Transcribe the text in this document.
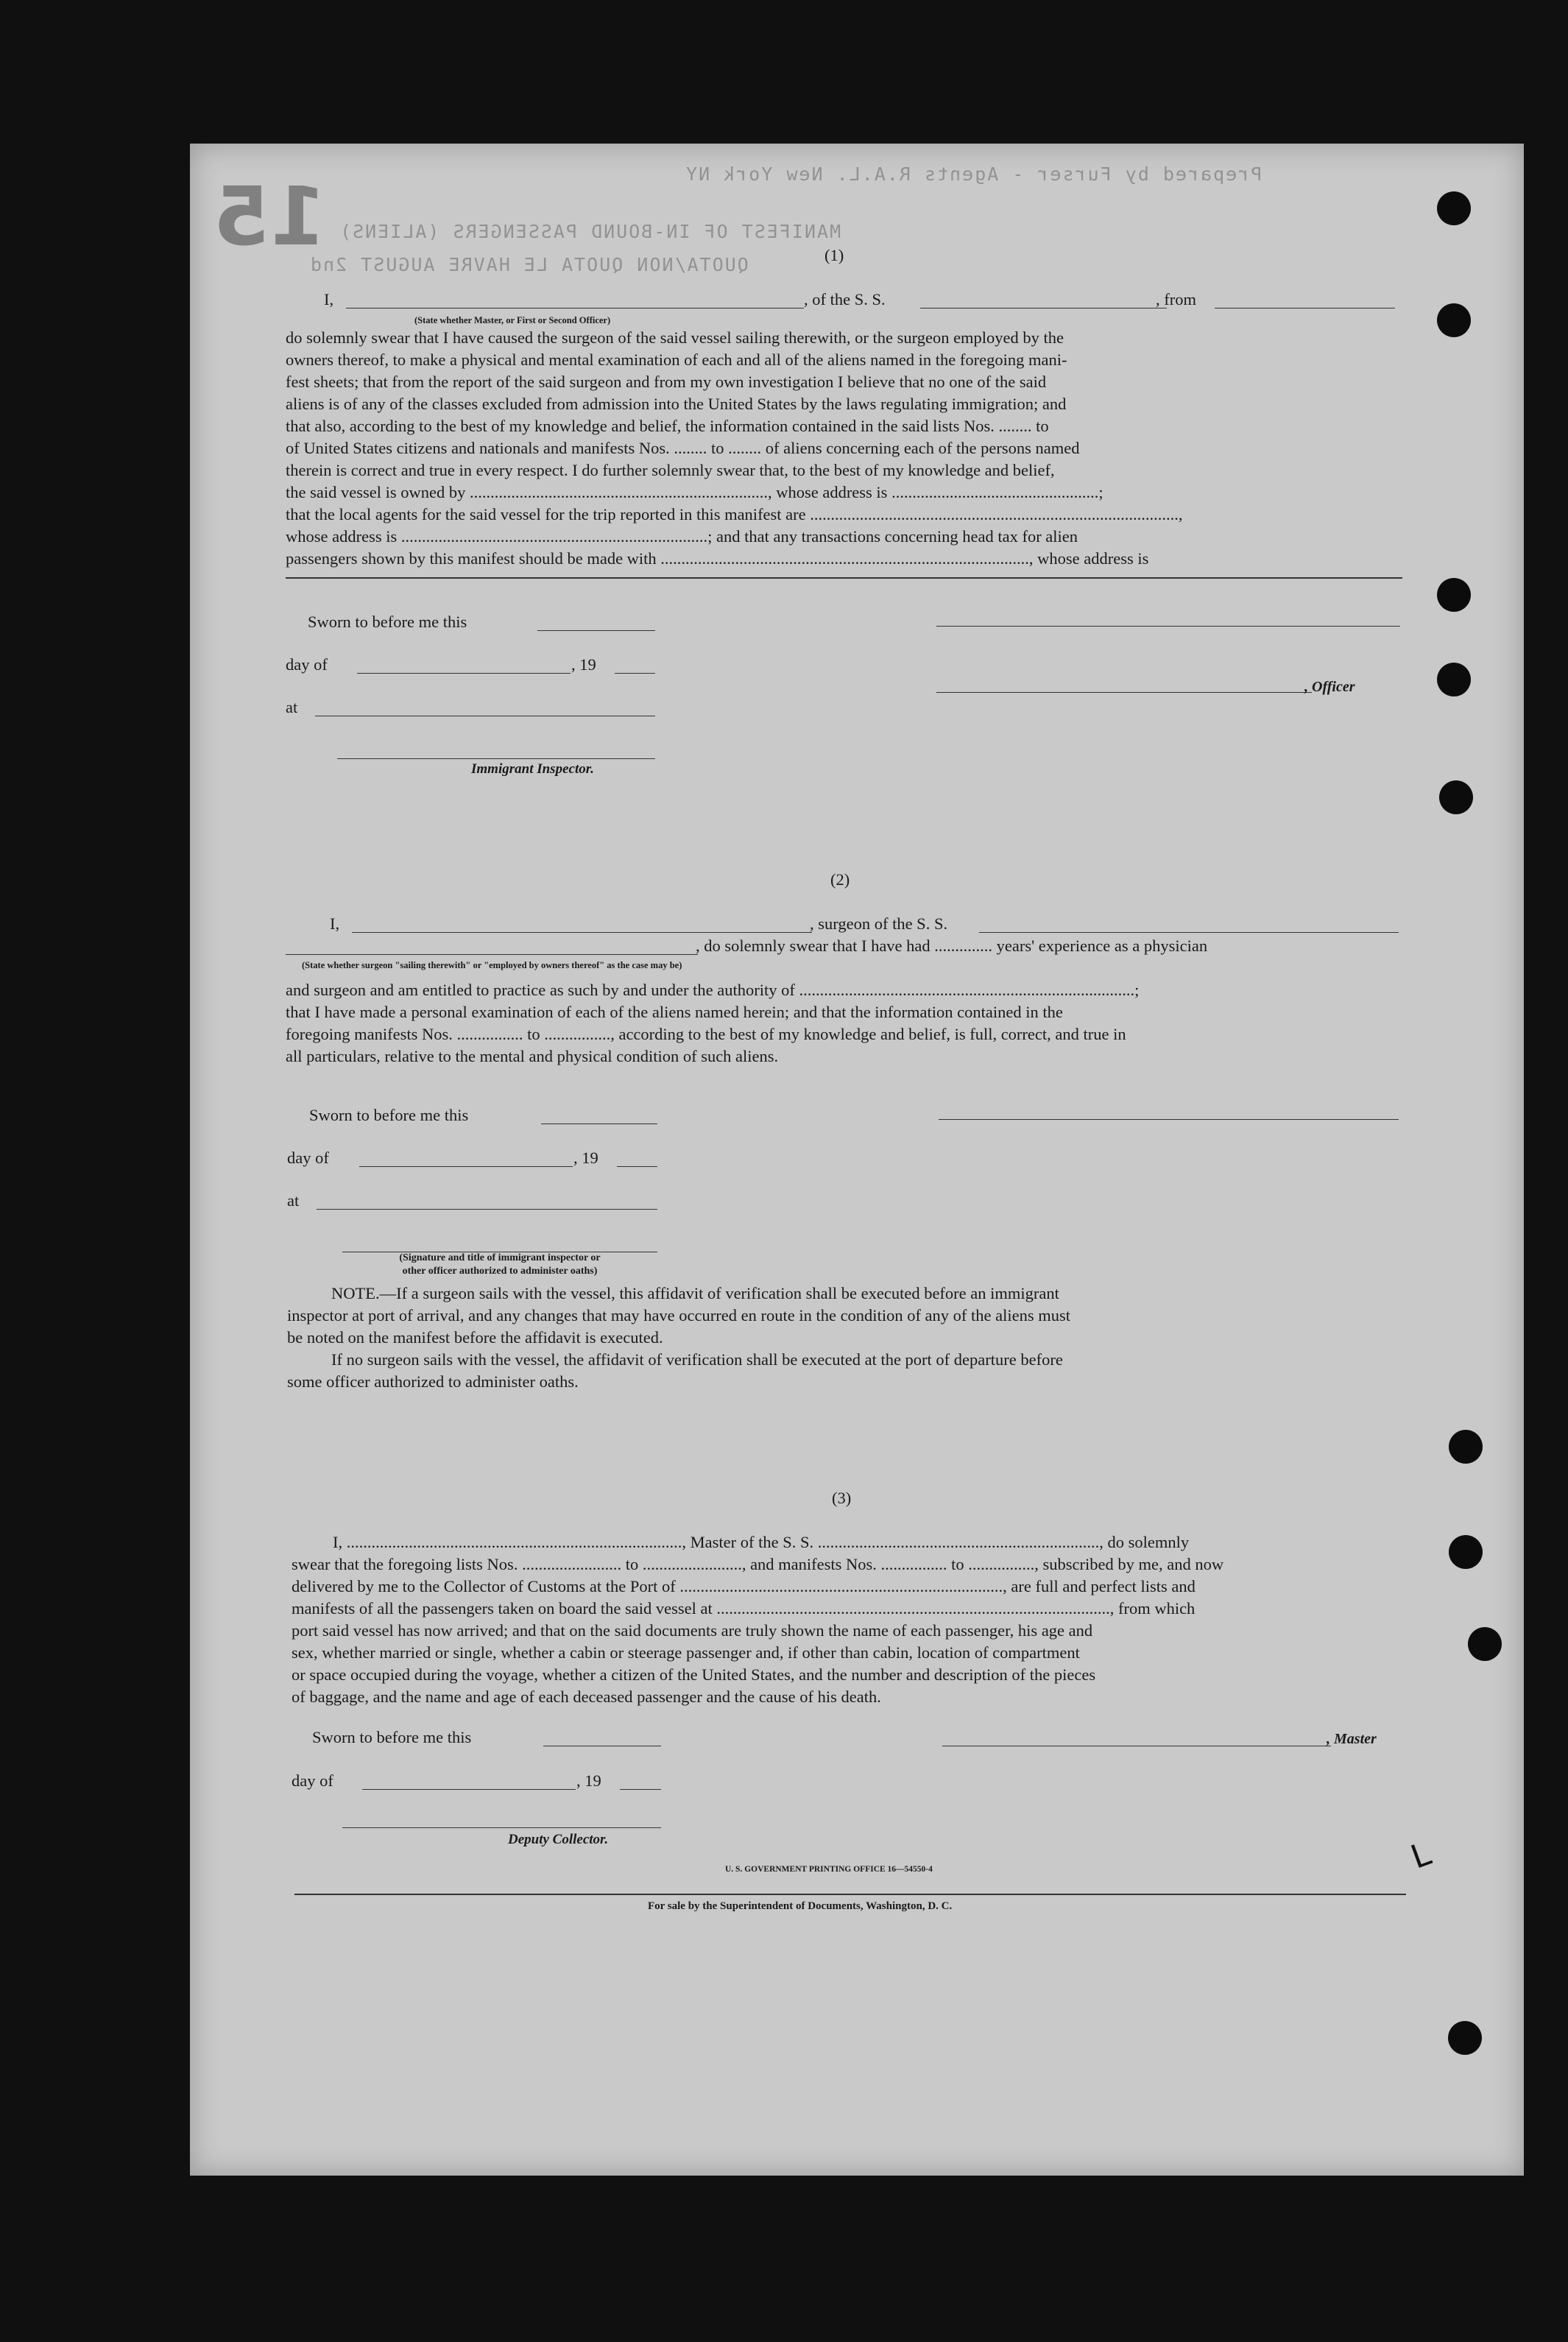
15	Prepared by Furser - Agents R.A.L. New York NY
MANIFEST OF IN-BOUND PASSENGERS (ALIENS)
QUOTA/NON QUOTA LE HAVRE AUGUST 2nd	(1)
I,	, of the S. S.	, from
(State whether Master, or First or Second Officer)
do solemnly swear that I have caused the surgeon of the said vessel sailing therewith, or the surgeon employed by the
owners thereof, to make a physical and mental examination of each and all of the aliens named in the foregoing mani-
fest sheets; that from the report of the said surgeon and from my own investigation I believe that no one of the said
aliens is of any of the classes excluded from admission into the United States by the laws regulating immigration; and
that also, according to the best of my knowledge and belief, the information contained in the said lists Nos. ........ to
of United States citizens and nationals and manifests Nos. ........ to ........ of aliens concerning each of the persons named
therein is correct and true in every respect. I do further solemnly swear that, to the best of my knowledge and belief,
the said vessel is owned by ........................................................................, whose address is ..................................................;
that the local agents for the said vessel for the trip reported in this manifest are .........................................................................................,
whose address is ..........................................................................; and that any transactions concerning head tax for alien
passengers shown by this manifest should be made with ........................................................................................., whose address is
Sworn to before me this
day of	, 19
, Officer
at
Immigrant Inspector.
(2)
I,	, surgeon of the S. S.
, do solemnly swear that I have had .............. years' experience as a physician
(State whether surgeon "sailing therewith" or "employed by owners thereof" as the case may be)
and surgeon and am entitled to practice as such by and under the authority of .................................................................................;
that I have made a personal examination of each of the aliens named herein; and that the information contained in the
foregoing manifests Nos. ................ to ................, according to the best of my knowledge and belief, is full, correct, and true in
all particulars, relative to the mental and physical condition of such aliens.
Sworn to before me this
day of	, 19
at
(Signature and title of immigrant inspector or
other officer authorized to administer oaths)
NOTE.—If a surgeon sails with the vessel, this affidavit of verification shall be executed before an immigrant
inspector at port of arrival, and any changes that may have occurred en route in the condition of any of the aliens must
be noted on the manifest before the affidavit is executed.
If no surgeon sails with the vessel, the affidavit of verification shall be executed at the port of departure before
some officer authorized to administer oaths.
(3)
I, ................................................................................., Master of the S. S. ...................................................................., do solemnly
swear that the foregoing lists Nos. ........................ to ........................, and manifests Nos. ................ to ................, subscribed by me, and now
delivered by me to the Collector of Customs at the Port of .............................................................................., are full and perfect lists and
manifests of all the passengers taken on board the said vessel at ..............................................................................................., from which
port said vessel has now arrived; and that on the said documents are truly shown the name of each passenger, his age and
sex, whether married or single, whether a cabin or steerage passenger and, if other than cabin, location of compartment
or space occupied during the voyage, whether a citizen of the United States, and the number and description of the pieces
of baggage, and the name and age of each deceased passenger and the cause of his death.
Sworn to before me this	, Master
day of	, 19
Deputy Collector.
U. S. GOVERNMENT PRINTING OFFICE 16—54550-4
For sale by the Superintendent of Documents, Washington, D. C.
ᒪ
